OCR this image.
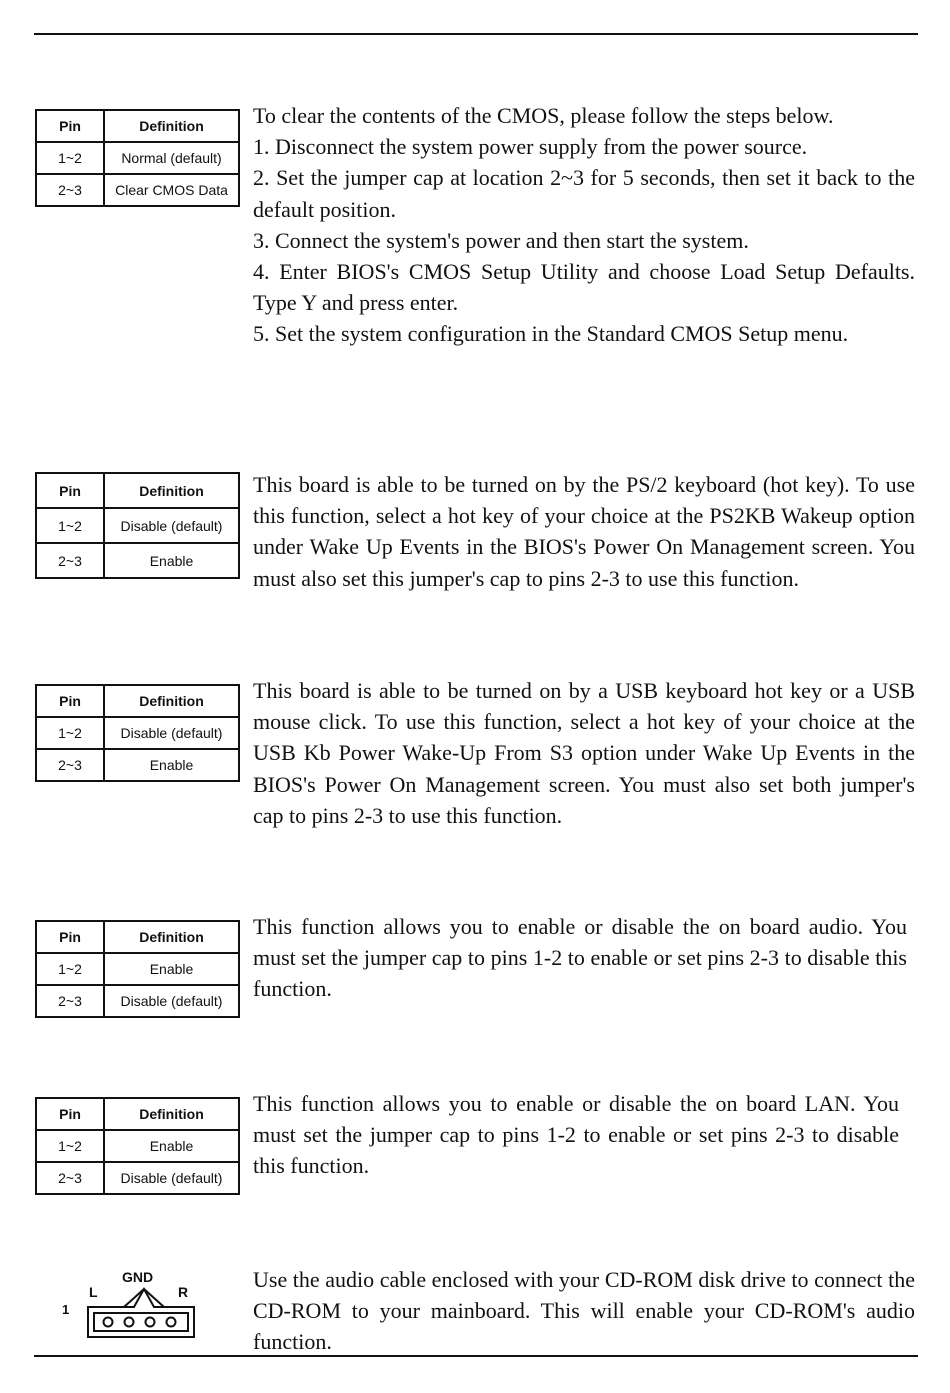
Pin	Definition
1~2	Normal (default)
2~3	Clear CMOS Data

To clear the contents of the CMOS, please follow the steps below.

1. Disconnect the system power supply from the power source.

2. Set the jumper cap at location 2~3 for 5 seconds, then set it back to the default position.

3. Connect the system's power and then start the system.

4. Enter BIOS's CMOS Setup Utility and choose Load Setup Defaults. Type Y and press enter.

5. Set the system configuration in the Standard CMOS Setup menu.

Pin	Definition
1~2	Disable (default)
2~3	Enable

This board is able to be turned on by the PS/2 keyboard (hot key). To use this function, select a hot key of your choice at the PS2KB Wakeup option under Wake Up Events in the BIOS's Power On Management screen. You must also set this jumper's cap to pins 2-3 to use this function.

Pin	Definition
1~2	Disable (default)
2~3	Enable

This board is able to be turned on by a USB keyboard hot key or a USB mouse click. To use this function, select a hot key of your choice at the USB Kb Power Wake-Up From S3 option under Wake Up Events in the BIOS's Power On Management screen. You must also set both jumper's cap to pins 2-3 to use this function.

Pin	Definition
1~2	Enable
2~3	Disable (default)

This function allows you to enable or disable the on board audio. You must set the jumper cap to pins 1-2 to enable or set pins 2-3 to disable this function.

Pin	Definition
1~2	Enable
2~3	Disable (default)

This function allows you to enable or disable the on board LAN. You must set the jumper cap to pins 1-2 to enable or set pins 2-3 to disable this function.

GND
L	R
1

Use the audio cable enclosed with your CD-ROM disk drive to connect the CD-ROM to your mainboard. This will enable your CD-ROM's audio function.
